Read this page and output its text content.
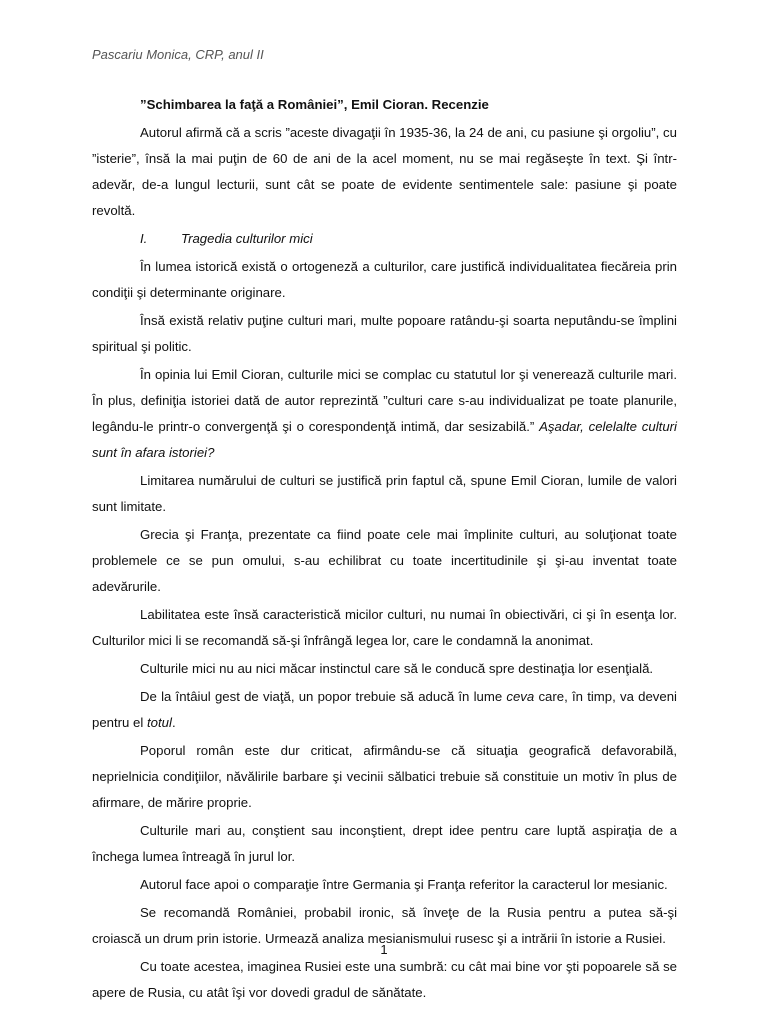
Pascariu Monica, CRP, anul II

”Schimbarea la faţă a României”, Emil Cioran. Recenzie

Autorul afirmă că a scris ”aceste divagaţii în 1935-36, la 24 de ani, cu pasiune şi orgoliu”, cu ”isterie”, însă la mai puţin de 60 de ani de la acel moment, nu se mai regăseşte în text. Şi într-adevăr, de-a lungul lecturii, sunt cât se poate de evidente sentimentele sale: pasiune şi poate revoltă.

I.	Tragedia culturilor mici

În lumea istorică există o ortogeneză a culturilor, care justifică individualitatea fiecăreia prin condiţii şi determinante originare.

Însă există relativ puţine culturi mari, multe popoare ratându-şi soarta neputându-se împlini spiritual şi politic.

În opinia lui Emil Cioran, culturile mici se complac cu statutul lor şi venerează culturile mari. În plus, definiţia istoriei dată de autor reprezintă ”culturi care s-au individualizat pe toate planurile, legându-le printr-o convergenţă şi o corespondenţă intimă, dar sesizabilă.” Aşadar, celelalte culturi sunt în afara istoriei?

Limitarea numărului de culturi se justifică prin faptul că, spune Emil Cioran, lumile de valori sunt limitate.

Grecia şi Franţa, prezentate ca fiind poate cele mai împlinite culturi, au soluţionat toate problemele ce se pun omului, s-au echilibrat cu toate incertitudinile şi şi-au inventat toate adevărurile.

Labilitatea este însă caracteristică micilor culturi, nu numai în obiectivări, ci şi în esenţa lor. Culturilor mici li se recomandă să-şi înfrângă legea lor, care le condamnă la anonimat.

Culturile mici nu au nici măcar instinctul care să le conducă spre destinaţia lor esenţială.

De la întâiul gest de viaţă, un popor trebuie să aducă în lume ceva care, în timp, va deveni pentru el totul.

Poporul român este dur criticat, afirmându-se că situaţia geografică defavorabilă, neprielnicia condiţiilor, năvălirile barbare şi vecinii sălbatici trebuie să constituie un motiv în plus de afirmare, de mărire proprie.

Culturile mari au, conştient sau inconştient, drept idee pentru care luptă aspiraţia de a închega lumea întreagă în jurul lor.

Autorul face apoi o comparaţie între Germania şi Franţa referitor la caracterul lor mesianic.

Se recomandă României, probabil ironic, să înveţe de la Rusia pentru a putea să-şi croiască un drum prin istorie. Urmează analiza mesianismului rusesc şi a intrării în istorie a Rusiei.

Cu toate acestea, imaginea Rusiei este una sumbră: cu cât mai bine vor şti popoarele să se apere de Rusia, cu atât îşi vor dovedi gradul de sănătate.

1
